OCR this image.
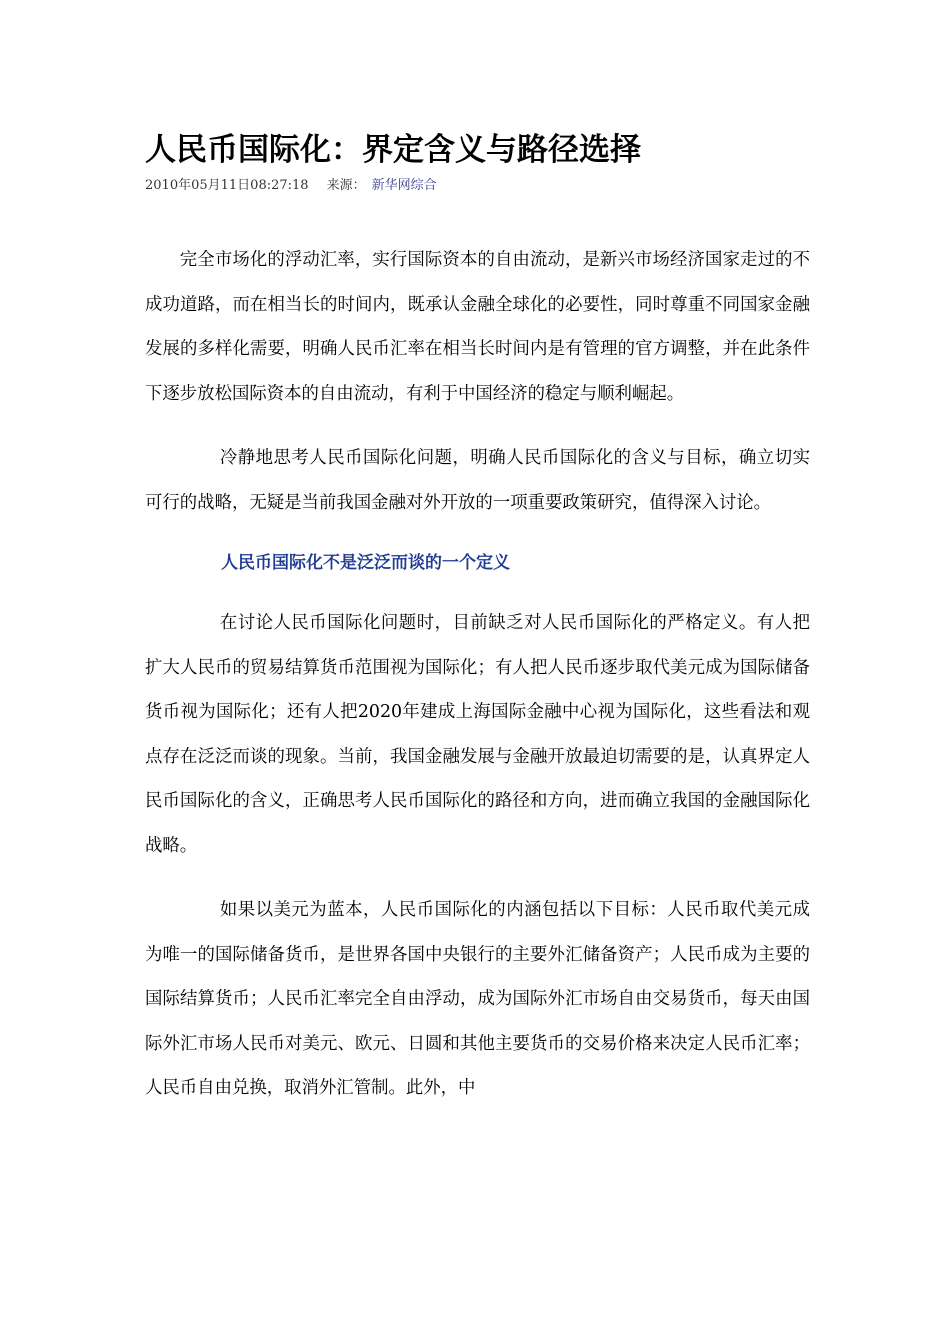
人民币国际化：界定含义与路径选择
2010年05月11日08:27:18 来源： 新华网综合

完全市场化的浮动汇率，实行国际资本的自由流动，是新兴市场经济国家走过的不成功道路，而在相当长的时间内，既承认金融全球化的必要性，同时尊重不同国家金融发展的多样化需要，明确人民币汇率在相当长时间内是有管理的官方调整，并在此条件下逐步放松国际资本的自由流动，有利于中国经济的稳定与顺利崛起。

冷静地思考人民币国际化问题，明确人民币国际化的含义与目标，确立切实可行的战略，无疑是当前我国金融对外开放的一项重要政策研究，值得深入讨论。

人民币国际化不是泛泛而谈的一个定义

在讨论人民币国际化问题时，目前缺乏对人民币国际化的严格定义。有人把扩大人民币的贸易结算货币范围视为国际化；有人把人民币逐步取代美元成为国际储备货币视为国际化；还有人把2020年建成上海国际金融中心视为国际化，这些看法和观点存在泛泛而谈的现象。当前，我国金融发展与金融开放最迫切需要的是，认真界定人民币国际化的含义，正确思考人民币国际化的路径和方向，进而确立我国的金融国际化战略。

如果以美元为蓝本，人民币国际化的内涵包括以下目标：人民币取代美元成为唯一的国际储备货币，是世界各国中央银行的主要外汇储备资产；人民币成为主要的国际结算货币；人民币汇率完全自由浮动，成为国际外汇市场自由交易货币，每天由国际外汇市场人民币对美元、欧元、日圆和其他主要货币的交易价格来决定人民币汇率；人民币自由兑换，取消外汇管制。此外，中
